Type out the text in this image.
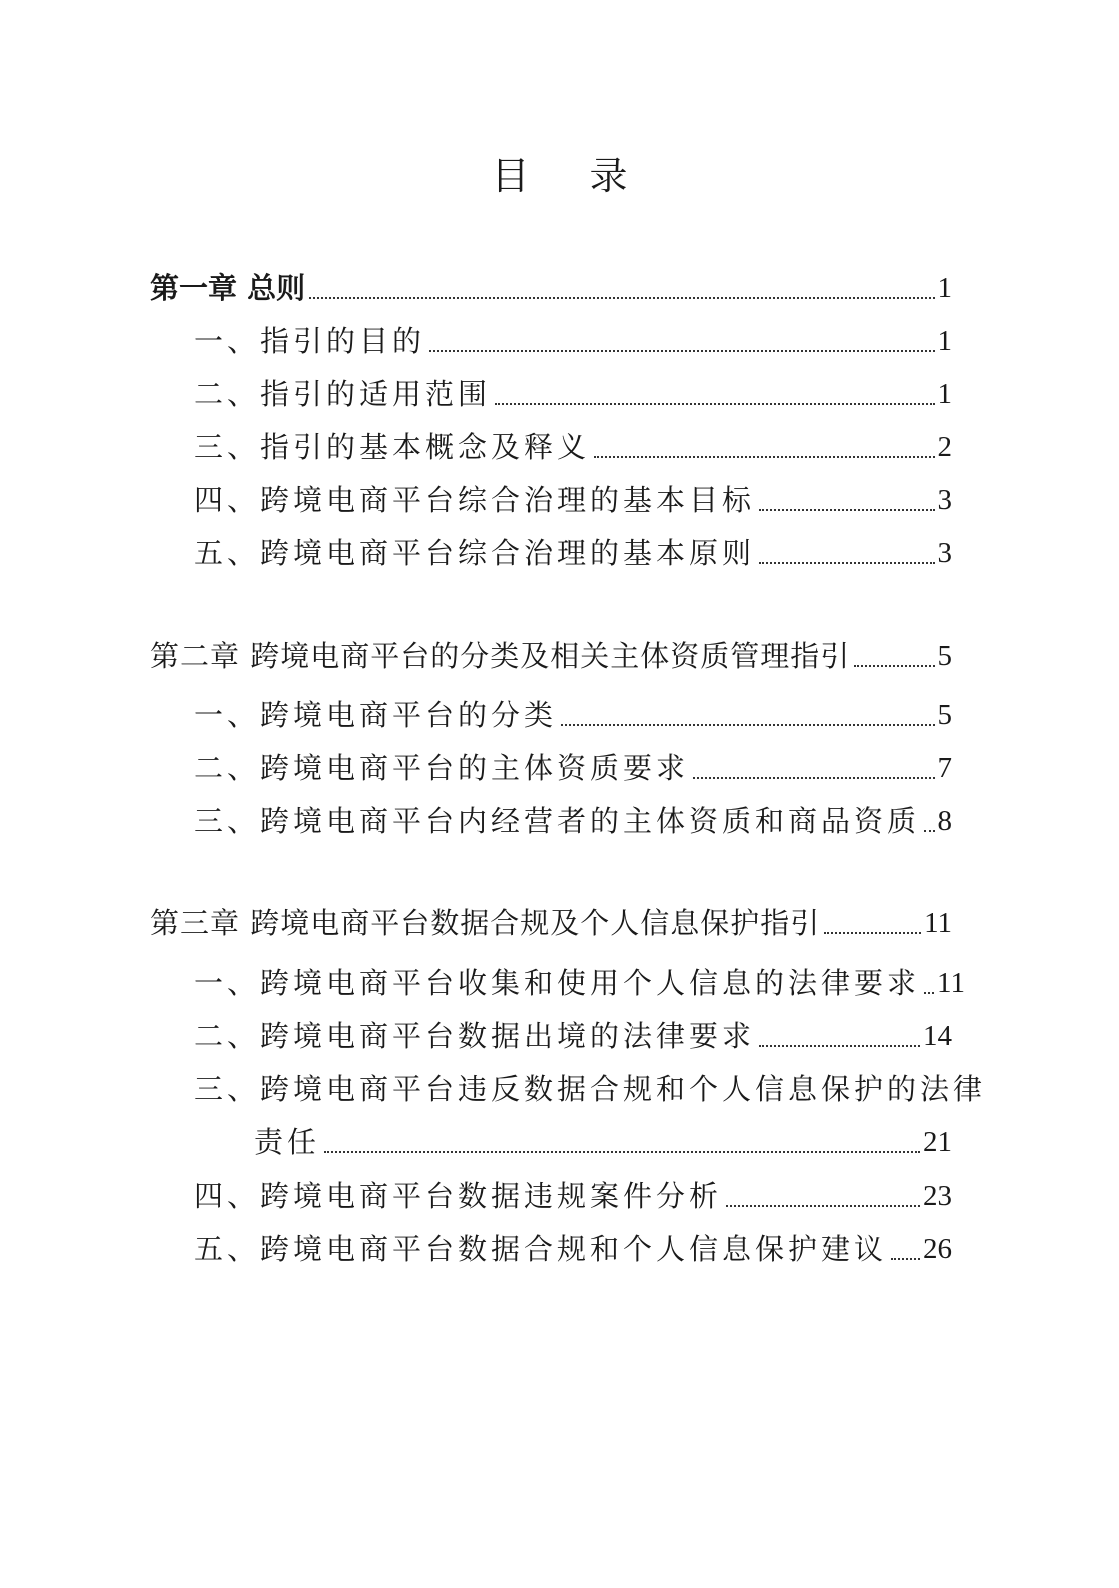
目 录
第一章 总则	1
一、指引的目的	1
二、指引的适用范围	1
三、指引的基本概念及释义	2
四、跨境电商平台综合治理的基本目标	3
五、跨境电商平台综合治理的基本原则	3
第二章 跨境电商平台的分类及相关主体资质管理指引	5
一、跨境电商平台的分类	5
二、跨境电商平台的主体资质要求	7
三、跨境电商平台内经营者的主体资质和商品资质 8
第三章 跨境电商平台数据合规及个人信息保护指引	11
一、跨境电商平台收集和使用个人信息的法律要求 11
二、跨境电商平台数据出境的法律要求	14
三、跨境电商平台违反数据合规和个人信息保护的法律
责任	21
四、跨境电商平台数据违规案件分析	23
五、跨境电商平台数据合规和个人信息保护建议 26
